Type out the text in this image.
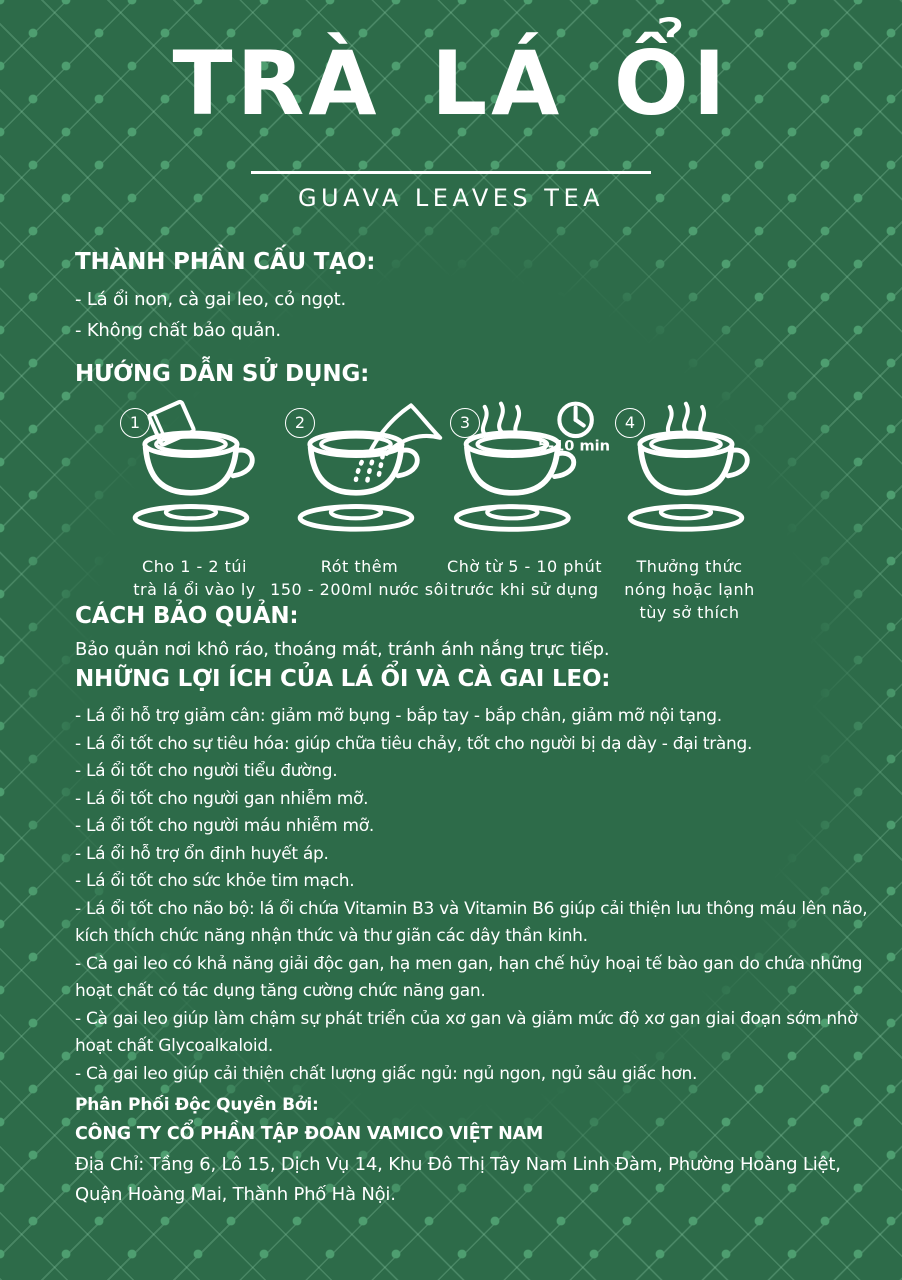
TRÀ LÁ ỔI
GUAVA LEAVES TEA
THÀNH PHẦN CẤU TẠO:
- Lá ổi non, cà gai leo, cỏ ngọt.
- Không chất bảo quản.
HƯỚNG DẪN SỬ DỤNG:
1
Cho 1 - 2 túi
trà lá ổi vào ly
2
Rót thêm
150 - 200ml nước sôi
3
5-10 min
Chờ từ 5 - 10 phút
trước khi sử dụng
4
Thưởng thức
nóng hoặc lạnh
tùy sở thích
CÁCH BẢO QUẢN:
Bảo quản nơi khô ráo, thoáng mát, tránh ánh nắng trực tiếp.
NHỮNG LỢI ÍCH CỦA LÁ ỔI VÀ CÀ GAI LEO:
- Lá ổi hỗ trợ giảm cân: giảm mỡ bụng - bắp tay - bắp chân, giảm mỡ nội tạng.
- Lá ổi tốt cho sự tiêu hóa: giúp chữa tiêu chảy, tốt cho người bị dạ dày - đại tràng.
- Lá ổi tốt cho người tiểu đường.
- Lá ổi tốt cho người gan nhiễm mỡ.
- Lá ổi tốt cho người máu nhiễm mỡ.
- Lá ổi hỗ trợ ổn định huyết áp.
- Lá ổi tốt cho sức khỏe tim mạch.
- Lá ổi tốt cho não bộ: lá ổi chứa Vitamin B3 và Vitamin B6 giúp cải thiện lưu thông máu lên não, kích thích chức năng nhận thức và thư giãn các dây thần kinh.
- Cà gai leo có khả năng giải độc gan, hạ men gan, hạn chế hủy hoại tế bào gan do chứa những hoạt chất có tác dụng tăng cường chức năng gan.
- Cà gai leo giúp làm chậm sự phát triển của xơ gan và giảm mức độ xơ gan giai đoạn sớm nhờ hoạt chất Glycoalkaloid.
- Cà gai leo giúp cải thiện chất lượng giấc ngủ: ngủ ngon, ngủ sâu giấc hơn.
Phân Phối Độc Quyền Bởi:
CÔNG TY CỔ PHẦN TẬP ĐOÀN VAMICO VIỆT NAM
Địa Chỉ: Tầng 6, Lô 15, Dịch Vụ 14, Khu Đô Thị Tây Nam Linh Đàm, Phường Hoàng Liệt, Quận Hoàng Mai, Thành Phố Hà Nội.
